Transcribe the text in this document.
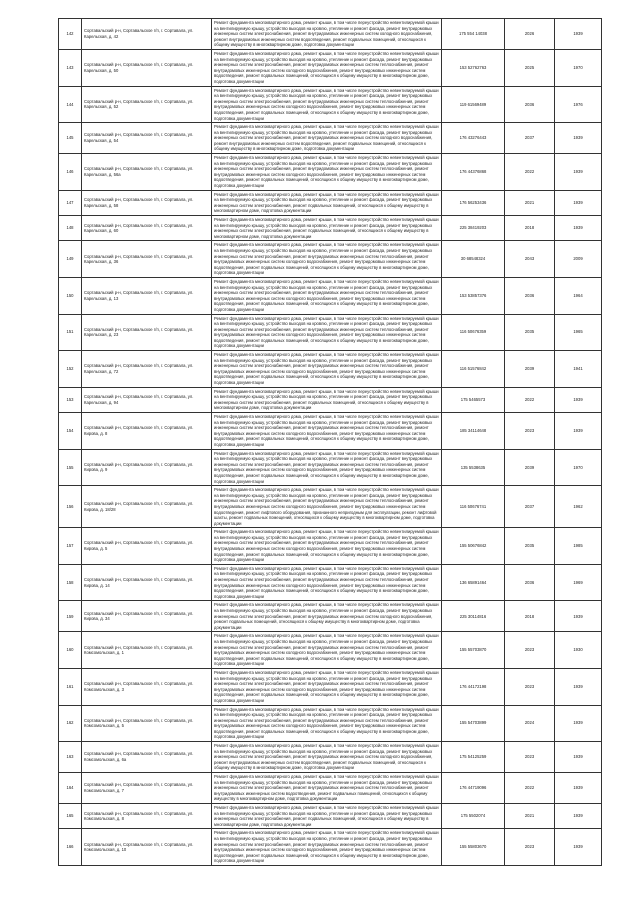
142	Сортавальский р-н, Сортавальское г/п, г. Сортавала, ул. Карельская, д. 42	Ремонт фундамента многоквартирного дома, ремонт крыши, в том числе переустройство невентилируемой крыши на вентилируемую крышу, устройство выходов на кровлю, утепление и ремонт фасада, ремонт внутридомовых инженерных систем электроснабжения, ремонт внутридомовых инженерных систем холодного водоснабжения, ремонт внутридомовых инженерных систем водоотведения, ремонт подвальных помещений, относящихся к общему имуществу в многоквартирном доме, подготовка документации	175 554 14038	2026	1939
143	Сортавальский р-н, Сортавальское г/п, г. Сортавала, ул. Карельская, д. 50	Ремонт фундамента многоквартирного дома, ремонт крыши, в том числе переустройство невентилируемой крыши на вентилируемую крышу, устройство выходов на кровлю, утепление и ремонт фасада, ремонт внутридомовых инженерных систем электроснабжения, ремонт внутридомовых инженерных систем теплоснабжения, ремонт внутридомовых инженерных систем холодного водоснабжения, ремонт внутридомовых инженерных систем водоотведения, ремонт подвальных помещений, относящихся к общему имуществу в многоквартирном доме, подготовка документации	153 52762763	2025	1970
144	Сортавальский р-н, Сортавальское г/п, г. Сортавала, ул. Карельская, д. 52	Ремонт фундамента многоквартирного дома, ремонт крыши, в том числе переустройство невентилируемой крыши на вентилируемую крышу, устройство выходов на кровлю, утепление и ремонт фасада, ремонт внутридомовых инженерных систем электроснабжения, ремонт внутридомовых инженерных систем теплоснабжения, ремонт внутридомовых инженерных систем холодного водоснабжения, ремонт внутридомовых инженерных систем водоотведения, ремонт подвальных помещений, относящихся к общему имуществу в многоквартирном доме, подготовка документации	119 61569489	2036	1976
145	Сортавальский р-н, Сортавальское г/п, г. Сортавала, ул. Карельская, д. 54	Ремонт фундамента многоквартирного дома, ремонт крыши, в том числе переустройство невентилируемой крыши на вентилируемую крышу, устройство выходов на кровлю, утепление и ремонт фасада, ремонт внутридомовых инженерных систем электроснабжения, ремонт внутридомовых инженерных систем холодного водоснабжения, ремонт внутридомовых инженерных систем водоотведения, ремонт подвальных помещений, относящихся к общему имуществу в многоквартирном доме, подготовка документации	176 43276443	2037	1939
146	Сортавальский р-н, Сортавальское г/п, г. Сортавала, ул. Карельская, д. 56а	Ремонт фундамента многоквартирного дома, ремонт крыши, в том числе переустройство невентилируемой крыши на вентилируемую крышу, устройство выходов на кровлю, утепление и ремонт фасада, ремонт внутридомовых инженерных систем электроснабжения, ремонт внутридомовых инженерных систем теплоснабжения, ремонт внутридомовых инженерных систем холодного водоснабжения, ремонт внутридомовых инженерных систем водоотведения, ремонт подвальных помещений, относящихся к общему имуществу в многоквартирном доме, подготовка документации	176 44376868	2022	1939
147	Сортавальский р-н, Сортавальское г/п, г. Сортавала, ул. Карельская, д. 58	Ремонт фундамента многоквартирного дома, ремонт крыши, в том числе переустройство невентилируемой крыши на вентилируемую крышу, устройство выходов на кровлю, утепление и ремонт фасада, ремонт внутридомовых инженерных систем электроснабжения, ремонт подвальных помещений, относящихся к общему имуществу в многоквартирном доме, подготовка документации	176 56253436	2021	1939
148	Сортавальский р-н, Сортавальское г/п, г. Сортавала, ул. Карельская, д. 60	Ремонт фундамента многоквартирного дома, ремонт крыши, в том числе переустройство невентилируемой крыши на вентилируемую крышу, устройство выходов на кровлю, утепление и ремонт фасада, ремонт внутридомовых инженерных систем электроснабжения, ремонт подвальных помещений, относящихся к общему имуществу в многоквартирном доме, подготовка документации	225 38419203	2018	1939
149	Сортавальский р-н, Сортавальское г/п, г. Сортавала, ул. Карельская, д. 36	Ремонт фундамента многоквартирного дома, ремонт крыши, в том числе переустройство невентилируемой крыши на вентилируемую крышу, устройство выходов на кровлю, утепление и ремонт фасада, ремонт внутридомовых инженерных систем электроснабжения, ремонт внутридомовых инженерных систем теплоснабжения, ремонт внутридомовых инженерных систем холодного водоснабжения, ремонт внутридомовых инженерных систем водоотведения, ремонт подвальных помещений, относящихся к общему имуществу в многоквартирном доме, подготовка документации	30 68548324	2043	2009
150	Сортавальский р-н, Сортавальское г/п, г. Сортавала, ул. Карельская, д. 13	Ремонт фундамента многоквартирного дома, ремонт крыши, в том числе переустройство невентилируемой крыши на вентилируемую крышу, устройство выходов на кровлю, утепление и ремонт фасада, ремонт внутридомовых инженерных систем электроснабжения, ремонт внутридомовых инженерных систем теплоснабжения, ремонт внутридомовых инженерных систем холодного водоснабжения, ремонт внутридомовых инженерных систем водоотведения, ремонт подвальных помещений, относящихся к общему имуществу в многоквартирном доме, подготовка документации	153 53857376	2036	1964
151	Сортавальский р-н, Сортавальское г/п, г. Сортавала, ул. Карельская, д. 23	Ремонт фундамента многоквартирного дома, ремонт крыши, в том числе переустройство невентилируемой крыши на вентилируемую крышу, устройство выходов на кровлю, утепление и ремонт фасада, ремонт внутридомовых инженерных систем электроснабжения, ремонт внутридомовых инженерных систем теплоснабжения, ремонт внутридомовых инженерных систем холодного водоснабжения, ремонт внутридомовых инженерных систем водоотведения, ремонт подвальных помещений, относящихся к общему имуществу в многоквартирном доме, подготовка документации	116 50676359	2035	1965
152	Сортавальский р-н, Сортавальское г/п, г. Сортавала, ул. Карельская, д. 72	Ремонт фундамента многоквартирного дома, ремонт крыши, в том числе переустройство невентилируемой крыши на вентилируемую крышу, устройство выходов на кровлю, утепление и ремонт фасада, ремонт внутридомовых инженерных систем электроснабжения, ремонт внутридомовых инженерных систем теплоснабжения, ремонт внутридомовых инженерных систем холодного водоснабжения, ремонт внутридомовых инженерных систем водоотведения, ремонт подвальных помещений, относящихся к общему имуществу в многоквартирном доме, подготовка документации	116 51576842	2039	1941
153	Сортавальский р-н, Сортавальское г/п, г. Сортавала, ул. Карельская, д. 94	Ремонт фундамента многоквартирного дома, ремонт крыши, в том числе переустройство невентилируемой крыши на вентилируемую крышу, устройство выходов на кровлю, утепление и ремонт фасада, ремонт внутридомовых инженерных систем электроснабжения, ремонт подвальных помещений, относящихся к общему имуществу в многоквартирном доме, подготовка документации	175 5465573	2022	1939
154	Сортавальский р-н, Сортавальское г/п, г. Сортавала, ул. Кирова, д. 8	Ремонт фундамента многоквартирного дома, ремонт крыши, в том числе переустройство невентилируемой крыши на вентилируемую крышу, устройство выходов на кровлю, утепление и ремонт фасада, ремонт внутридомовых инженерных систем электроснабжения, ремонт внутридомовых инженерных систем теплоснабжения, ремонт внутридомовых инженерных систем холодного водоснабжения, ремонт внутридомовых инженерных систем водоотведения, ремонт подвальных помещений, относящихся к общему имуществу в многоквартирном доме, подготовка документации	185 34114648	2023	1939
155	Сортавальский р-н, Сортавальское г/п, г. Сортавала, ул. Кирова, д. 9	Ремонт фундамента многоквартирного дома, ремонт крыши, в том числе переустройство невентилируемой крыши на вентилируемую крышу, устройство выходов на кровлю, утепление и ремонт фасада, ремонт внутридомовых инженерных систем электроснабжения, ремонт внутридомовых инженерных систем теплоснабжения, ремонт внутридомовых инженерных систем холодного водоснабжения, ремонт внутридомовых инженерных систем водоотведения, ремонт подвальных помещений, относящихся к общему имуществу в многоквартирном доме, подготовка документации	135 5538635	2039	1970
156	Сортавальский р-н, Сортавальское г/п, г. Сортавала, ул. Кирова, д. 18/28	Ремонт фундамента многоквартирного дома, ремонт крыши, в том числе переустройство невентилируемой крыши на вентилируемую крышу, устройство выходов на кровлю, утепление и ремонт фасада, ремонт внутридомовых инженерных систем электроснабжения, ремонт внутридомовых инженерных систем теплоснабжения, ремонт внутридомовых инженерных систем холодного водоснабжения, ремонт внутридомовых инженерных систем водоотведения, ремонт лифтового оборудования, признанного непригодным для эксплуатации, ремонт лифтовой шахты, ремонт подвальных помещений, относящихся к общему имуществу в многоквартирном доме, подготовка документации	116 50676741	2037	1962
157	Сортавальский р-н, Сортавальское г/п, г. Сортавала, ул. Кирова, д. 5	Ремонт фундамента многоквартирного дома, ремонт крыши, в том числе переустройство невентилируемой крыши на вентилируемую крышу, устройство выходов на кровлю, утепление и ремонт фасада, ремонт внутридомовых инженерных систем электроснабжения, ремонт внутридомовых инженерных систем теплоснабжения, ремонт внутридомовых инженерных систем холодного водоснабжения, ремонт внутридомовых инженерных систем водоотведения, ремонт подвальных помещений, относящихся к общему имуществу в многоквартирном доме, подготовка документации	155 50676842	2035	1985
158	Сортавальский р-н, Сортавальское г/п, г. Сортавала, ул. Кирова, д. 14	Ремонт фундамента многоквартирного дома, ремонт крыши, в том числе переустройство невентилируемой крыши на вентилируемую крышу, устройство выходов на кровлю, утепление и ремонт фасада, ремонт внутридомовых инженерных систем электроснабжения, ремонт внутридомовых инженерных систем теплоснабжения, ремонт внутридомовых инженерных систем холодного водоснабжения, ремонт внутридомовых инженерных систем водоотведения, ремонт подвальных помещений, относящихся к общему имуществу в многоквартирном доме, подготовка документации	136 65891464	2036	1969
159	Сортавальский р-н, Сортавальское г/п, г. Сортавала, ул. Кирова, д. 34	Ремонт фундамента многоквартирного дома, ремонт крыши, в том числе переустройство невентилируемой крыши на вентилируемую крышу, устройство выходов на кровлю, утепление и ремонт фасада, ремонт внутридомовых инженерных систем электроснабжения, ремонт внутридомовых инженерных систем холодного водоснабжения, ремонт подвальных помещений, относящихся к общему имуществу в многоквартирном доме, подготовка документации	225 30114816	2018	1939
160	Сортавальский р-н, Сортавальское г/п, г. Сортавала, ул. Комсомольская, д. 1	Ремонт фундамента многоквартирного дома, ремонт крыши, в том числе переустройство невентилируемой крыши на вентилируемую крышу, устройство выходов на кровлю, утепление и ремонт фасада, ремонт внутридомовых инженерных систем электроснабжения, ремонт внутридомовых инженерных систем теплоснабжения, ремонт внутридомовых инженерных систем холодного водоснабжения, ремонт внутридомовых инженерных систем водоотведения, ремонт подвальных помещений, относящихся к общему имуществу в многоквартирном доме, подготовка документации	155 55703870	2023	1930
161	Сортавальский р-н, Сортавальское г/п, г. Сортавала, ул. Комсомольская, д. 3	Ремонт фундамента многоквартирного дома, ремонт крыши, в том числе переустройство невентилируемой крыши на вентилируемую крышу, устройство выходов на кровлю, утепление и ремонт фасада, ремонт внутридомовых инженерных систем электроснабжения, ремонт внутридомовых инженерных систем теплоснабжения, ремонт внутридомовых инженерных систем холодного водоснабжения, ремонт внутридомовых инженерных систем водоотведения, ремонт подвальных помещений, относящихся к общему имуществу в многоквартирном доме, подготовка документации	176 44172198	2023	1939
162	Сортавальский р-н, Сортавальское г/п, г. Сортавала, ул. Комсомольская, д. 5	Ремонт фундамента многоквартирного дома, ремонт крыши, в том числе переустройство невентилируемой крыши на вентилируемую крышу, устройство выходов на кровлю, утепление и ремонт фасада, ремонт внутридомовых инженерных систем электроснабжения, ремонт внутридомовых инженерных систем теплоснабжения, ремонт внутридомовых инженерных систем холодного водоснабжения, ремонт внутридомовых инженерных систем водоотведения, ремонт подвальных помещений, относящихся к общему имуществу в многоквартирном доме, подготовка документации	155 54703899	2024	1939
163	Сортавальский р-н, Сортавальское г/п, г. Сортавала, ул. Комсомольская, д. 6а	Ремонт фундамента многоквартирного дома, ремонт крыши, в том числе переустройство невентилируемой крыши на вентилируемую крышу, устройство выходов на кровлю, утепление и ремонт фасада, ремонт внутридомовых инженерных систем электроснабжения, ремонт внутридомовых инженерных систем холодного водоснабжения, ремонт внутридомовых инженерных систем водоотведения, ремонт подвальных помещений, относящихся к общему имуществу в многоквартирном доме, подготовка документации	175 54125259	2023	1939
164	Сортавальский р-н, Сортавальское г/п, г. Сортавала, ул. Комсомольская, д. 7	Ремонт фундамента многоквартирного дома, ремонт крыши, в том числе переустройство невентилируемой крыши на вентилируемую крышу, устройство выходов на кровлю, утепление и ремонт фасада, ремонт внутридомовых инженерных систем электроснабжения, ремонт внутридомовых инженерных систем теплоснабжения, ремонт внутридомовых инженерных систем водоотведения, ремонт подвальных помещений, относящихся к общему имуществу в многоквартирном доме, подготовка документации	176 44719096	2022	1939
165	Сортавальский р-н, Сортавальское г/п, г. Сортавала, ул. Комсомольская, д. 8	Ремонт фундамента многоквартирного дома, ремонт крыши, в том числе переустройство невентилируемой крыши на вентилируемую крышу, устройство выходов на кровлю, утепление и ремонт фасада, ремонт внутридомовых инженерных систем электроснабжения, ремонт подвальных помещений, относящихся к общему имуществу в многоквартирном доме, подготовка документации	175 5502074	2021	1939
166	Сортавальский р-н, Сортавальское г/п, г. Сортавала, ул. Комсомольская, д. 10	Ремонт фундамента многоквартирного дома, ремонт крыши, в том числе переустройство невентилируемой крыши на вентилируемую крышу, устройство выходов на кровлю, утепление и ремонт фасада, ремонт внутридомовых инженерных систем электроснабжения, ремонт внутридомовых инженерных систем теплоснабжения, ремонт внутридомовых инженерных систем холодного водоснабжения, ремонт внутридомовых инженерных систем водоотведения, ремонт подвальных помещений, относящихся к общему имуществу в многоквартирном доме, подготовка документации	155 55803670	2023	1939
